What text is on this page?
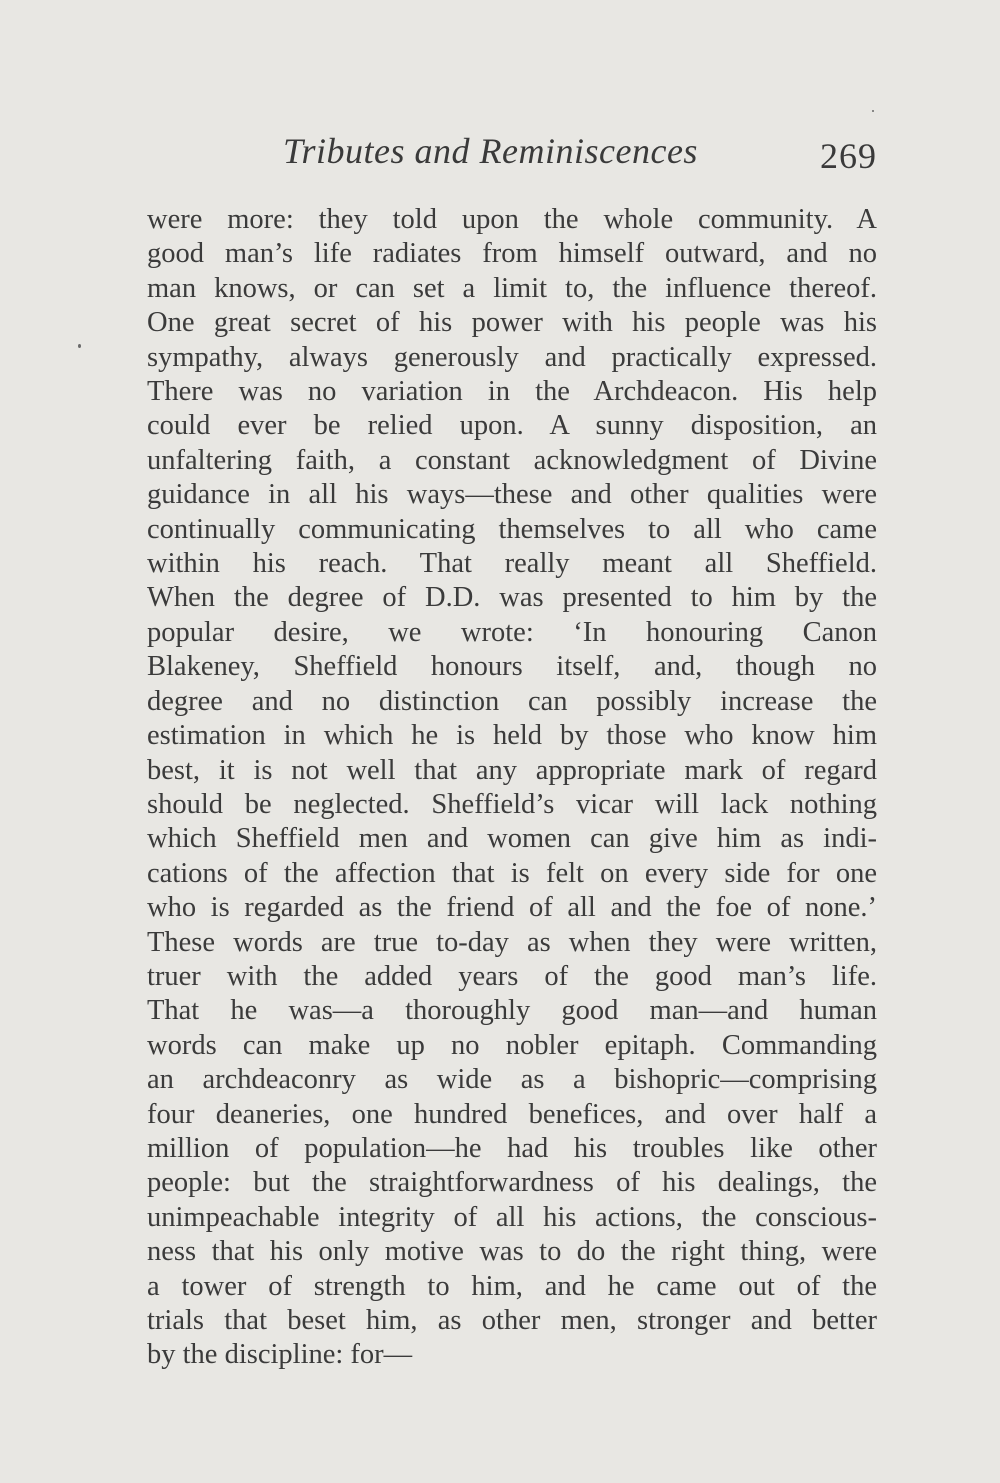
Tributes and Reminiscences	269
were more: they told upon the whole community. A
good man’s life radiates from himself outward, and no
man knows, or can set a limit to, the influence thereof.
One great secret of his power with his people was his
sympathy, always generously and practically expressed.
There was no variation in the Archdeacon. His help
could ever be relied upon. A sunny disposition, an
unfaltering faith, a constant acknowledgment of Divine
guidance in all his ways—these and other qualities were
continually communicating themselves to all who came
within his reach. That really meant all Sheffield.
When the degree of D.D. was presented to him by the
popular desire, we wrote: ‘In honouring Canon
Blakeney, Sheffield honours itself, and, though no
degree and no distinction can possibly increase the
estimation in which he is held by those who know him
best, it is not well that any appropriate mark of regard
should be neglected. Sheffield’s vicar will lack nothing
which Sheffield men and women can give him as indi-
cations of the affection that is felt on every side for one
who is regarded as the friend of all and the foe of none.’
These words are true to-day as when they were written,
truer with the added years of the good man’s life.
That he was—a thoroughly good man—and human
words can make up no nobler epitaph. Commanding
an archdeaconry as wide as a bishopric—comprising
four deaneries, one hundred benefices, and over half a
million of population—he had his troubles like other
people: but the straightforwardness of his dealings, the
unimpeachable integrity of all his actions, the conscious-
ness that his only motive was to do the right thing, were
a tower of strength to him, and he came out of the
trials that beset him, as other men, stronger and better
by the discipline: for—
